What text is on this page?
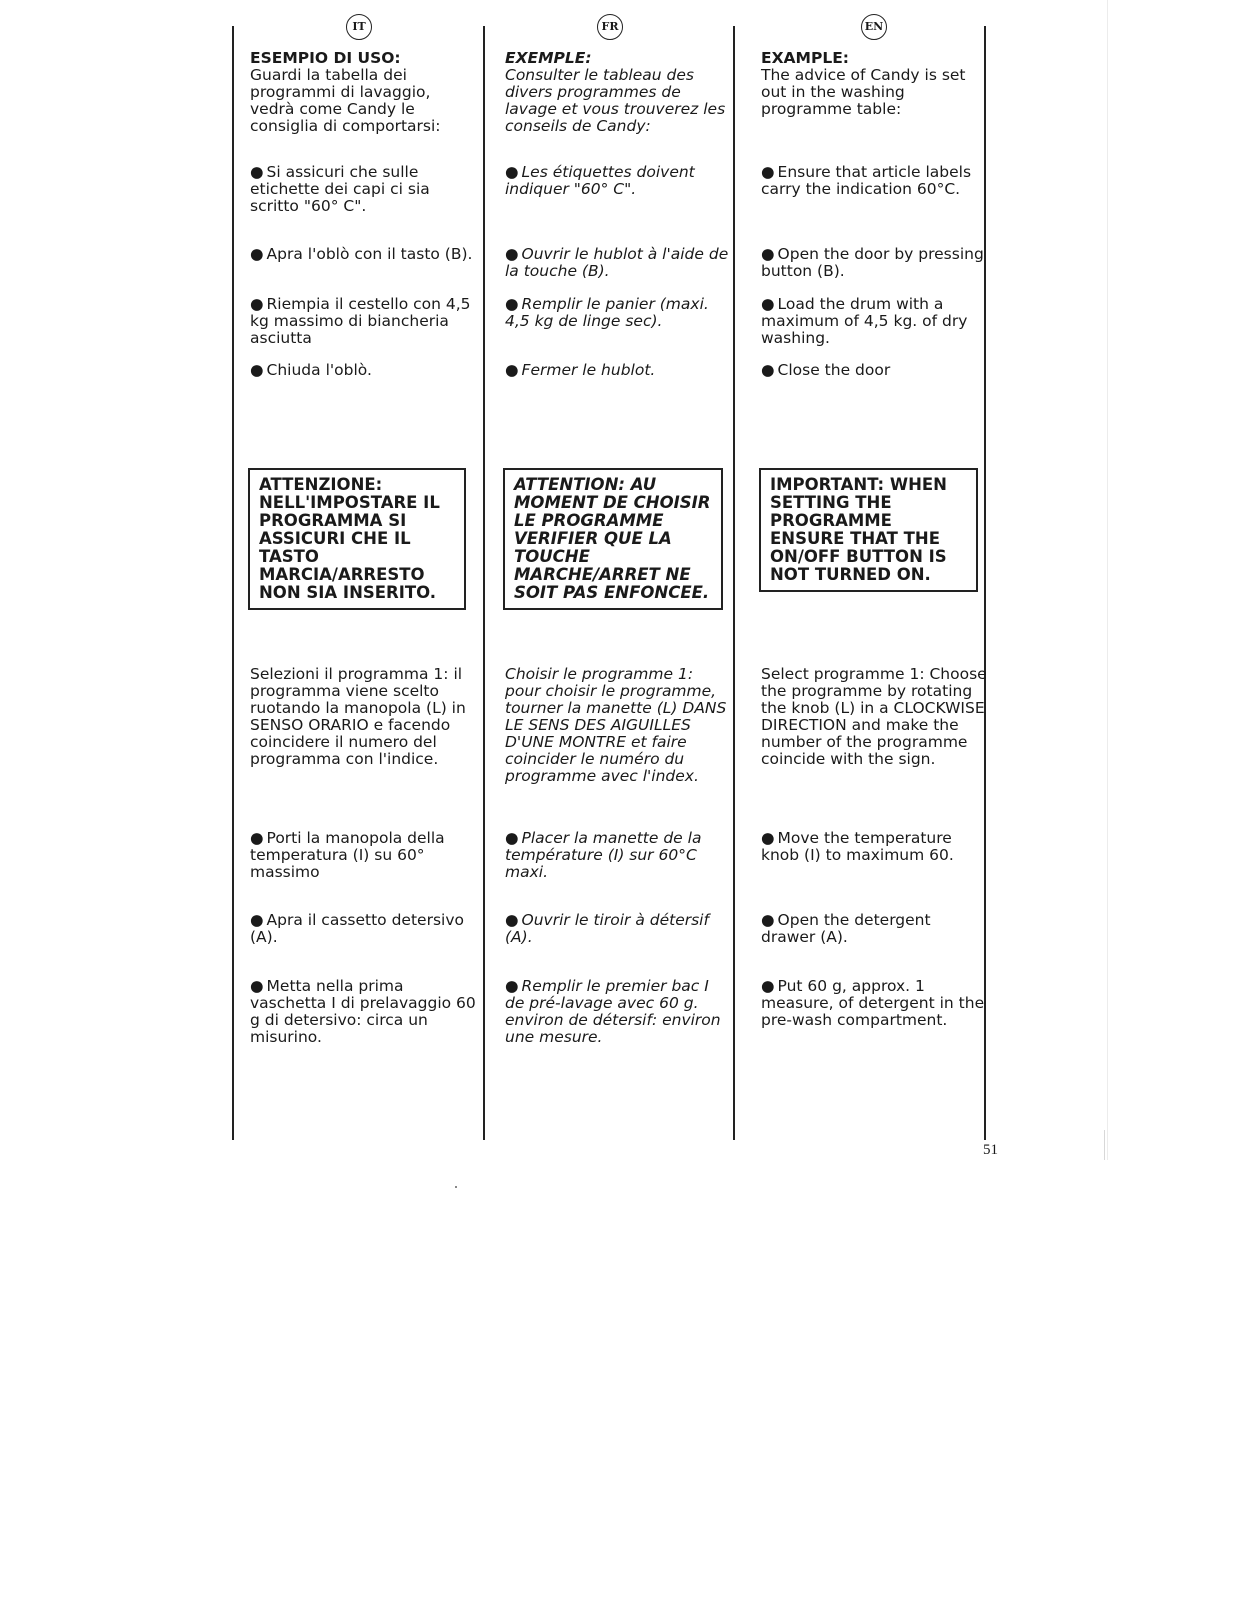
IT

ESEMPIO DI USO:
Guardi la tabella dei programmi di lavaggio, vedrà come Candy le consiglia di comportarsi:

● Si assicuri che sulle etichette dei capi ci sia scritto "60° C".

● Apra l'oblò con il tasto (B).

● Riempia il cestello con 4,5 kg massimo di biancheria asciutta

● Chiuda l'oblò.

ATTENZIONE: NELL'IMPOSTARE IL PROGRAMMA SI ASSICURI CHE IL TASTO MARCIA/ARRESTO NON SIA INSERITO.

Selezioni il programma 1: il programma viene scelto ruotando la manopola (L) in SENSO ORARIO e facendo coincidere il numero del programma con l'indice.

● Porti la manopola della temperatura (I) su 60° massimo

● Apra il cassetto detersivo (A).

● Metta nella prima vaschetta I di prelavaggio 60 g di detersivo: circa un misurino.

FR

EXEMPLE:
Consulter le tableau des divers programmes de lavage et vous trouverez les conseils de Candy:

● Les étiquettes doivent indiquer "60° C".

● Ouvrir le hublot à l'aide de la touche (B).

● Remplir le panier (maxi. 4,5 kg de linge sec).

● Fermer le hublot.

ATTENTION: AU MOMENT DE CHOISIR LE PROGRAMME VERIFIER QUE LA TOUCHE MARCHE/ARRET NE SOIT PAS ENFONCEE.

Choisir le programme 1: pour choisir le programme, tourner la manette (L) DANS LE SENS DES AIGUILLES D'UNE MONTRE et faire coincider le numéro du programme avec l'index.

● Placer la manette de la température (I) sur 60°C maxi.

● Ouvrir le tiroir à détersif (A).

● Remplir le premier bac I de pré-lavage avec 60 g. environ de détersif: environ une mesure.

EN

EXAMPLE:
The advice of Candy is set out in the washing programme table:

● Ensure that article labels carry the indication 60°C.

● Open the door by pressing button (B).

● Load the drum with a maximum of 4,5 kg. of dry washing.

● Close the door

IMPORTANT: WHEN SETTING THE PROGRAMME ENSURE THAT THE ON/OFF BUTTON IS NOT TURNED ON.

Select programme 1: Choose the programme by rotating the knob (L) in a CLOCKWISE DIRECTION and make the number of the programme coincide with the sign.

● Move the temperature knob (I) to maximum 60.

● Open the detergent drawer (A).

● Put 60 g, approx. 1 measure, of detergent in the pre-wash compartment.

51
